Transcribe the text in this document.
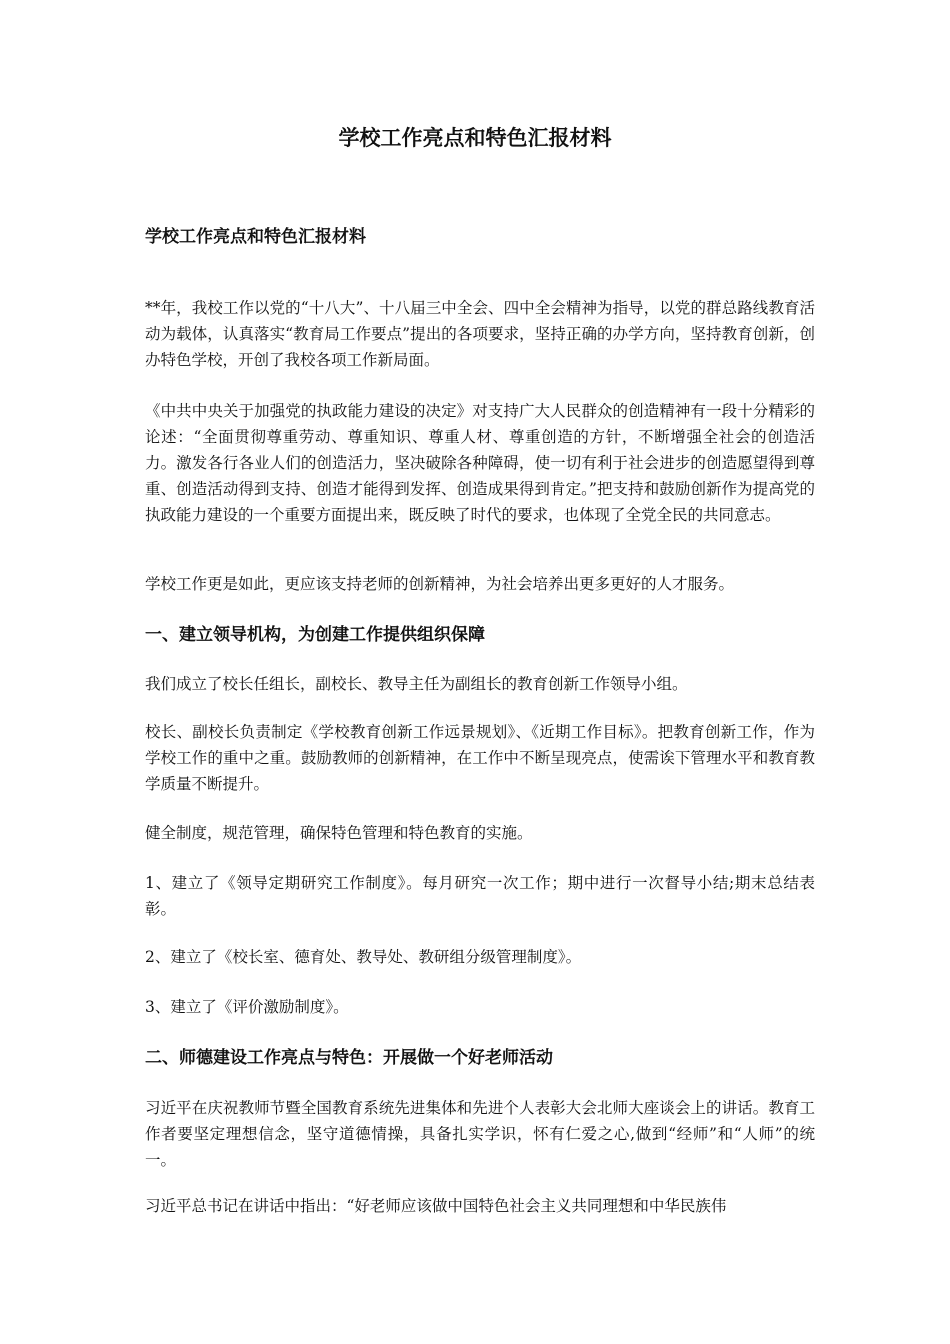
学校工作亮点和特色汇报材料

学校工作亮点和特色汇报材料

**年，我校工作以党的“十八大”、十八届三中全会、四中全会精神为指导，以党的群总路线教育活动为载体，认真落实“教育局工作要点”提出的各项要求，坚持正确的办学方向，坚持教育创新，创办特色学校，开创了我校各项工作新局面。

《中共中央关于加强党的执政能力建设的决定》对支持广大人民群众的创造精神有一段十分精彩的论述：“全面贯彻尊重劳动、尊重知识、尊重人材、尊重创造的方针，不断增强全社会的创造活力。激发各行各业人们的创造活力，坚决破除各种障碍，使一切有利于社会进步的创造愿望得到尊重、创造活动得到支持、创造才能得到发挥、创造成果得到肯定。”把支持和鼓励创新作为提高党的执政能力建设的一个重要方面提出来，既反映了时代的要求，也体现了全党全民的共同意志。

学校工作更是如此，更应该支持老师的创新精神，为社会培养出更多更好的人才服务。

一、建立领导机构，为创建工作提供组织保障

我们成立了校长任组长，副校长、教导主任为副组长的教育创新工作领导小组。

校长、副校长负责制定《学校教育创新工作远景规划》、《近期工作目标》。把教育创新工作，作为学校工作的重中之重。鼓励教师的创新精神，在工作中不断呈现亮点，使需诶下管理水平和教育教学质量不断提升。

健全制度，规范管理，确保特色管理和特色教育的实施。

1、建立了《领导定期研究工作制度》。每月研究一次工作；期中进行一次督导小结;期末总结表彰。

2、建立了《校长室、德育处、教导处、教研组分级管理制度》。

3、建立了《评价激励制度》。

二、师德建设工作亮点与特色：开展做一个好老师活动

习近平在庆祝教师节暨全国教育系统先进集体和先进个人表彰大会北师大座谈会上的讲话。教育工作者要坚定理想信念，坚守道德情操，具备扎实学识，怀有仁爱之心,做到“经师”和“人师”的统一。

习近平总书记在讲话中指出：“好老师应该做中国特色社会主义共同理想和中华民族伟
